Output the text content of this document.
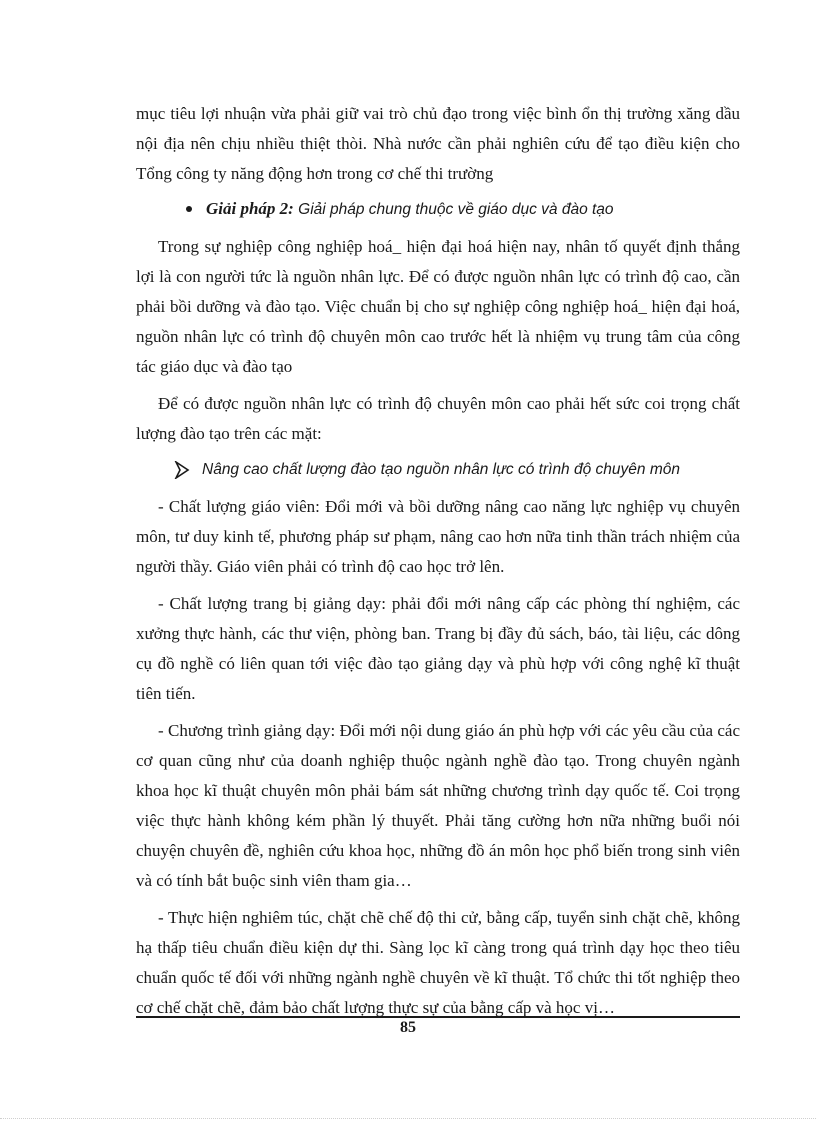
mục tiêu lợi nhuận vừa phải giữ vai trò chủ đạo trong việc bình ổn thị trường xăng dầu nội địa nên chịu nhiều thiệt thòi. Nhà nước cần phải nghiên cứu để tạo điều kiện cho Tổng công ty năng động hơn trong cơ chế thi trường

Giải pháp 2: Giải pháp chung thuộc về giáo dục và đào tạo

Trong sự nghiệp công nghiệp hoá_ hiện đại hoá hiện nay, nhân tố quyết định thắng lợi là con người tức là nguồn nhân lực. Để có được nguồn nhân lực có trình độ cao, cần phải bồi dưỡng và đào tạo. Việc chuẩn bị cho sự nghiệp công nghiệp hoá_ hiện đại hoá, nguồn nhân lực có trình độ chuyên môn cao trước hết là nhiệm vụ trung tâm của công tác giáo dục và đào tạo

Để có được nguồn nhân lực có trình độ chuyên môn cao phải hết sức coi trọng chất lượng đào tạo trên các mặt:

Nâng cao chất lượng đào tạo nguồn nhân lực có trình độ chuyên môn

- Chất lượng giáo viên: Đổi mới và bồi dưỡng nâng cao năng lực nghiệp vụ chuyên môn, tư duy kinh tế, phương pháp sư phạm, nâng cao hơn nữa tinh thần trách nhiệm của người thầy. Giáo viên phải có trình độ cao học trở lên.

- Chất lượng trang bị giảng dạy: phải đổi mới nâng cấp các phòng thí nghiệm, các xưởng thực hành, các thư viện, phòng ban. Trang bị đầy đủ sách, báo, tài liệu, các dông cụ đồ nghề có liên quan tới việc đào tạo giảng dạy và phù hợp với công nghệ kĩ thuật tiên tiến.

- Chương trình giảng dạy: Đổi mới nội dung giáo án phù hợp với các yêu cầu của các cơ quan cũng như của doanh nghiệp thuộc ngành nghề đào tạo. Trong chuyên ngành khoa học kĩ thuật chuyên môn phải bám sát những chương trình dạy quốc tế. Coi trọng việc thực hành không kém phần lý thuyết. Phải tăng cường hơn nữa những buổi nói chuyện chuyên đề, nghiên cứu khoa học, những đồ án môn học phổ biến trong sinh viên và có tính bắt buộc sinh viên tham gia…

- Thực hiện nghiêm túc, chặt chẽ chế độ thi cử, bằng cấp, tuyển sinh chặt chẽ, không hạ thấp tiêu chuẩn điều kiện dự thi. Sàng lọc kĩ càng trong quá trình dạy học theo tiêu chuẩn quốc tế đối với những ngành nghề chuyên về kĩ thuật. Tổ chức thi tốt nghiệp theo cơ chế chặt chẽ, đảm bảo chất lượng thực sự của bằng cấp và học vị…

85
